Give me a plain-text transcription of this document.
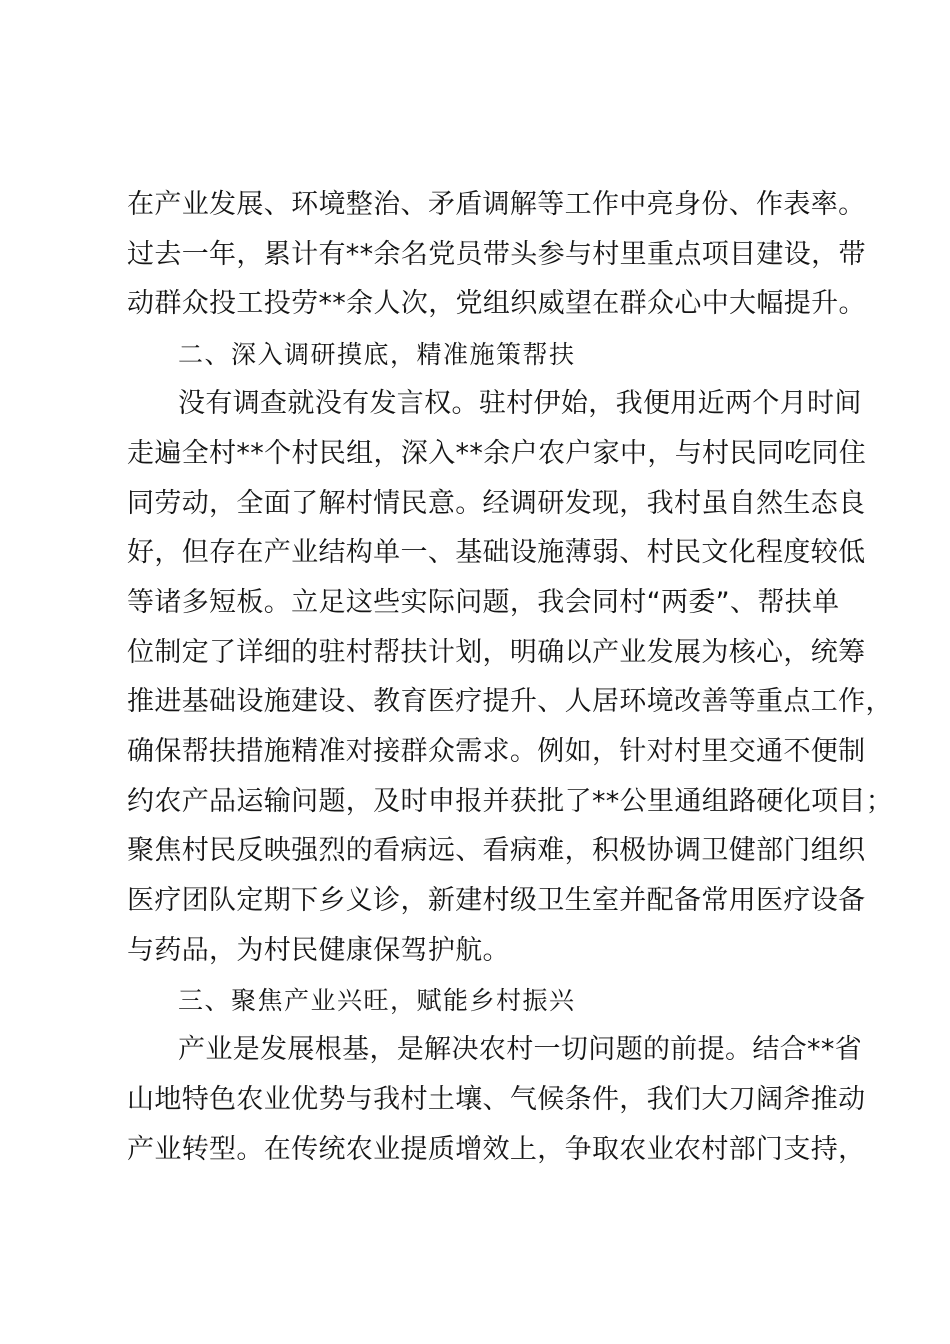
在产业发展、环境整治、矛盾调解等工作中亮身份、作表率。
过去一年，累计有**余名党员带头参与村里重点项目建设，带
动群众投工投劳**余人次，党组织威望在群众心中大幅提升。
二、深入调研摸底，精准施策帮扶
没有调查就没有发言权。驻村伊始，我便用近两个月时间
走遍全村**个村民组，深入**余户农户家中，与村民同吃同住
同劳动，全面了解村情民意。经调研发现，我村虽自然生态良
好，但存在产业结构单一、基础设施薄弱、村民文化程度较低
等诸多短板。立足这些实际问题，我会同村“两委”、帮扶单
位制定了详细的驻村帮扶计划，明确以产业发展为核心，统筹
推进基础设施建设、教育医疗提升、人居环境改善等重点工作，
确保帮扶措施精准对接群众需求。例如，针对村里交通不便制
约农产品运输问题，及时申报并获批了**公里通组路硬化项目；
聚焦村民反映强烈的看病远、看病难，积极协调卫健部门组织
医疗团队定期下乡义诊，新建村级卫生室并配备常用医疗设备
与药品，为村民健康保驾护航。
三、聚焦产业兴旺，赋能乡村振兴
产业是发展根基，是解决农村一切问题的前提。结合**省
山地特色农业优势与我村土壤、气候条件，我们大刀阔斧推动
产业转型。在传统农业提质增效上，争取农业农村部门支持，
